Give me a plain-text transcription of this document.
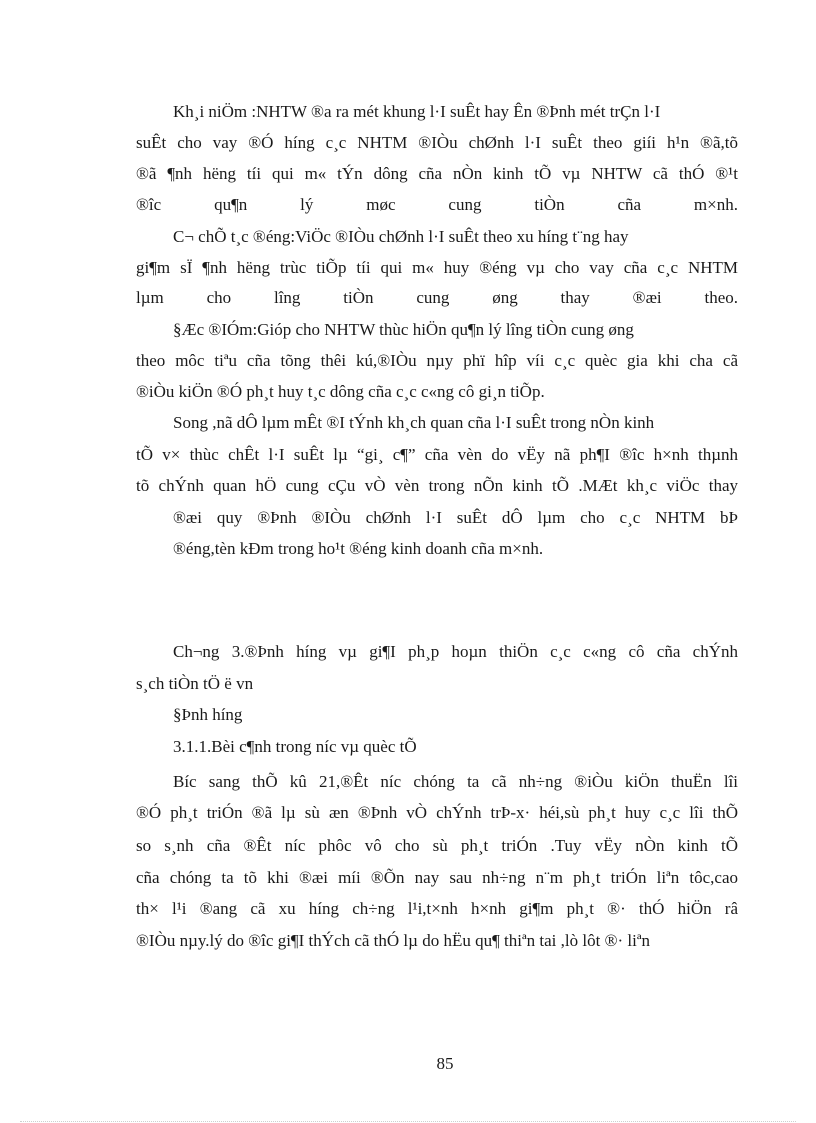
Kh¸i niÖm :NHTW ®a ra mét khung l·I suÊt hay Ên ®Þnh mét trÇn l·I
suÊt cho vay ®Ó híng c¸c NHTM ®IÒu chØnh l·I suÊt theo giíi h¹n ®ã,tõ
®ã ¶nh hëng tíi qui m« tÝn dông cña nÒn kinh tÕ vµ NHTW cã thÓ ®¹t
®îc qu¶n lý møc cung tiÒn cña m×nh.
C¬ chÕ t¸c ®éng:ViÖc ®IÒu chØnh l·I suÊt theo xu híng t¨ng hay
gi¶m sÏ ¶nh hëng trùc tiÕp tíi qui m« huy ®éng vµ cho vay cña c¸c NHTM
lµm cho lîng tiÒn cung øng thay ®æi theo.
§Æc ®IÓm:Gióp cho NHTW thùc hiÖn qu¶n lý lîng tiÒn cung øng
theo môc tiªu cña tõng thêi kú,®IÒu nµy phï hîp víi c¸c quèc gia khi cha cã
®iÒu kiÖn ®Ó ph¸t huy t¸c dông cña c¸c c«ng cô gi¸n tiÕp.
Song ,nã dÔ lµm mÊt ®I tÝnh kh¸ch quan cña l·I suÊt trong nÒn kinh
tÕ v× thùc chÊt l·I suÊt lµ “gi¸ c¶” cña vèn do vËy nã ph¶I ®îc h×nh thµnh
tõ chÝnh quan hÖ cung cÇu vÒ vèn trong nÕn kinh tÕ .MÆt kh¸c viÖc thay
®æi quy ®Þnh ®IÒu chØnh l·I suÊt dÔ lµm cho c¸c NHTM bÞ
®éng,tèn kÐm trong ho¹t ®éng kinh doanh cña m×nh.
Ch¬ng 3.®Þnh híng vµ gi¶I ph¸p hoµn thiÖn c¸c c«ng cô cña chÝnh
s¸ch tiÒn tÖ ë vn
§Þnh híng
3.1.1.Bèi c¶nh trong níc vµ quèc tÕ
Bíc sang thÕ kû 21,®Êt níc chóng ta cã nh÷ng ®iÒu kiÖn thuËn lîi
®Ó ph¸t triÓn ®ã lµ sù æn ®Þnh vÒ chÝnh trÞ-x· héi,sù ph¸t huy c¸c lîi thÕ
so s¸nh cña ®Êt níc phôc vô cho sù ph¸t triÓn .Tuy vËy nÒn kinh tÕ
cña chóng ta tõ khi ®æi míi ®Õn nay sau nh÷ng n¨m ph¸t triÓn liªn tôc,cao
th× l¹i ®ang cã xu híng ch÷ng l¹i,t×nh h×nh gi¶m ph¸t ®· thÓ hiÖn râ
®IÒu nµy.lý do ®îc gi¶I thÝch cã thÓ lµ do hËu qu¶ thiªn tai ,lò lôt ®· liªn
85
